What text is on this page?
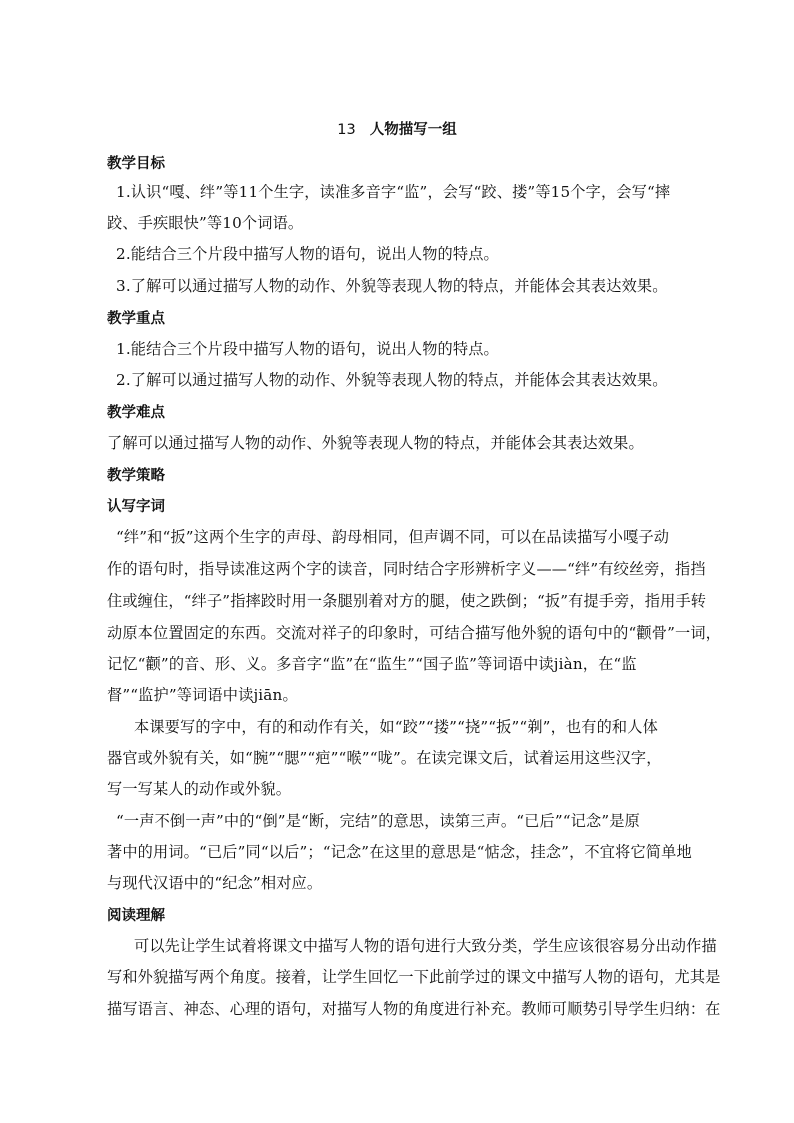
13 人物描写一组
教学目标
1.认识“嘎、绊”等11个生字，读准多音字“监”，会写“跤、搂”等15个字，会写“摔
跤、手疾眼快”等10个词语。
2.能结合三个片段中描写人物的语句，说出人物的特点。
3.了解可以通过描写人物的动作、外貌等表现人物的特点，并能体会其表达效果。
教学重点
1.能结合三个片段中描写人物的语句，说出人物的特点。
2.了解可以通过描写人物的动作、外貌等表现人物的特点，并能体会其表达效果。
教学难点
了解可以通过描写人物的动作、外貌等表现人物的特点，并能体会其表达效果。
教学策略
认写字词
“绊”和“扳”这两个生字的声母、韵母相同，但声调不同，可以在品读描写小嘎子动
作的语句时，指导读准这两个字的读音，同时结合字形辨析字义——“绊”有绞丝旁，指挡
住或缠住，“绊子”指摔跤时用一条腿别着对方的腿，使之跌倒；“扳”有提手旁，指用手转
动原本位置固定的东西。交流对祥子的印象时，可结合描写他外貌的语句中的“颧骨”一词，
记忆“颧”的音、形、义。多音字“监”在“监生”“国子监”等词语中读jiàn，在“监
督”“监护”等词语中读jiān。
本课要写的字中，有的和动作有关，如“跤”“搂”“挠”“扳”“剃”，也有的和人体
器官或外貌有关，如“腕”“腮”“疤”“喉”“咙”。在读完课文后，试着运用这些汉字，
写一写某人的动作或外貌。
“一声不倒一声”中的“倒”是“断，完结”的意思，读第三声。“已后”“记念”是原
著中的用词。“已后”同“以后”；“记念”在这里的意思是“惦念，挂念”，不宜将它简单地
与现代汉语中的“纪念”相对应。
阅读理解
可以先让学生试着将课文中描写人物的语句进行大致分类，学生应该很容易分出动作描
写和外貌描写两个角度。接着，让学生回忆一下此前学过的课文中描写人物的语句，尤其是
描写语言、神态、心理的语句，对描写人物的角度进行补充。教师可顺势引导学生归纳：在
